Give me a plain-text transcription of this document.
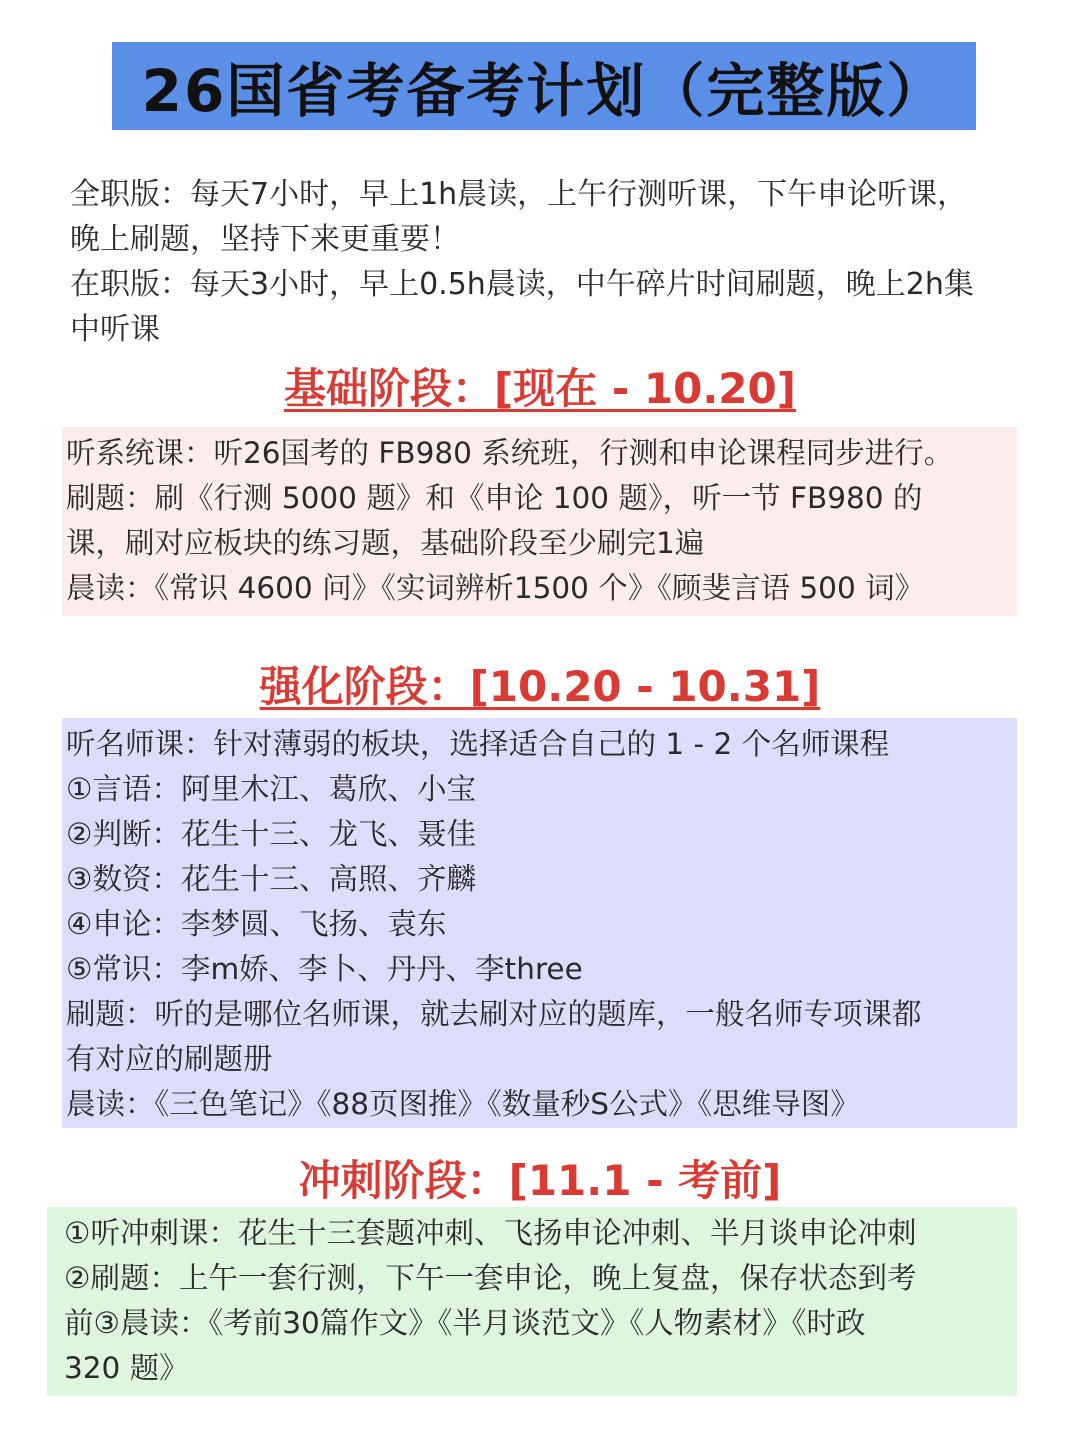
26国省考备考计划（完整版）

全职版：每天7小时，早上1h晨读，上午行测听课，下午申论听课，

晚上刷题，坚持下来更重要！

在职版：每天3小时，早上0.5h晨读，中午碎片时间刷题，晚上2h集

中听课

基础阶段：[现在 - 10.20]

听系统课：听26国考的 FB980 系统班，行测和申论课程同步进行。

刷题：刷《行测 5000 题》和《申论 100 题》，听一节 FB980 的

课，刷对应板块的练习题，基础阶段至少刷完1遍

晨读：《常识 4600 问》《实词辨析1500 个》《顾斐言语 500 词》

强化阶段：[10.20 - 10.31]

听名师课：针对薄弱的板块，选择适合自己的 1 - 2 个名师课程

①言语：阿里木江、葛欣、小宝

②判断：花生十三、龙飞、聂佳

③数资：花生十三、高照、齐麟

④申论：李梦圆、飞扬、袁东

⑤常识：李m娇、李卜、丹丹、李three

刷题：听的是哪位名师课，就去刷对应的题库，一般名师专项课都

有对应的刷题册

晨读：《三色笔记》《88页图推》《数量秒S公式》《思维导图》

冲刺阶段：[11.1 - 考前]

①听冲刺课：花生十三套题冲刺、飞扬申论冲刺、半月谈申论冲刺

②刷题：上午一套行测，下午一套申论，晚上复盘，保存状态到考

前③晨读：《考前30篇作文》《半月谈范文》《人物素材》《时政

320 题》
